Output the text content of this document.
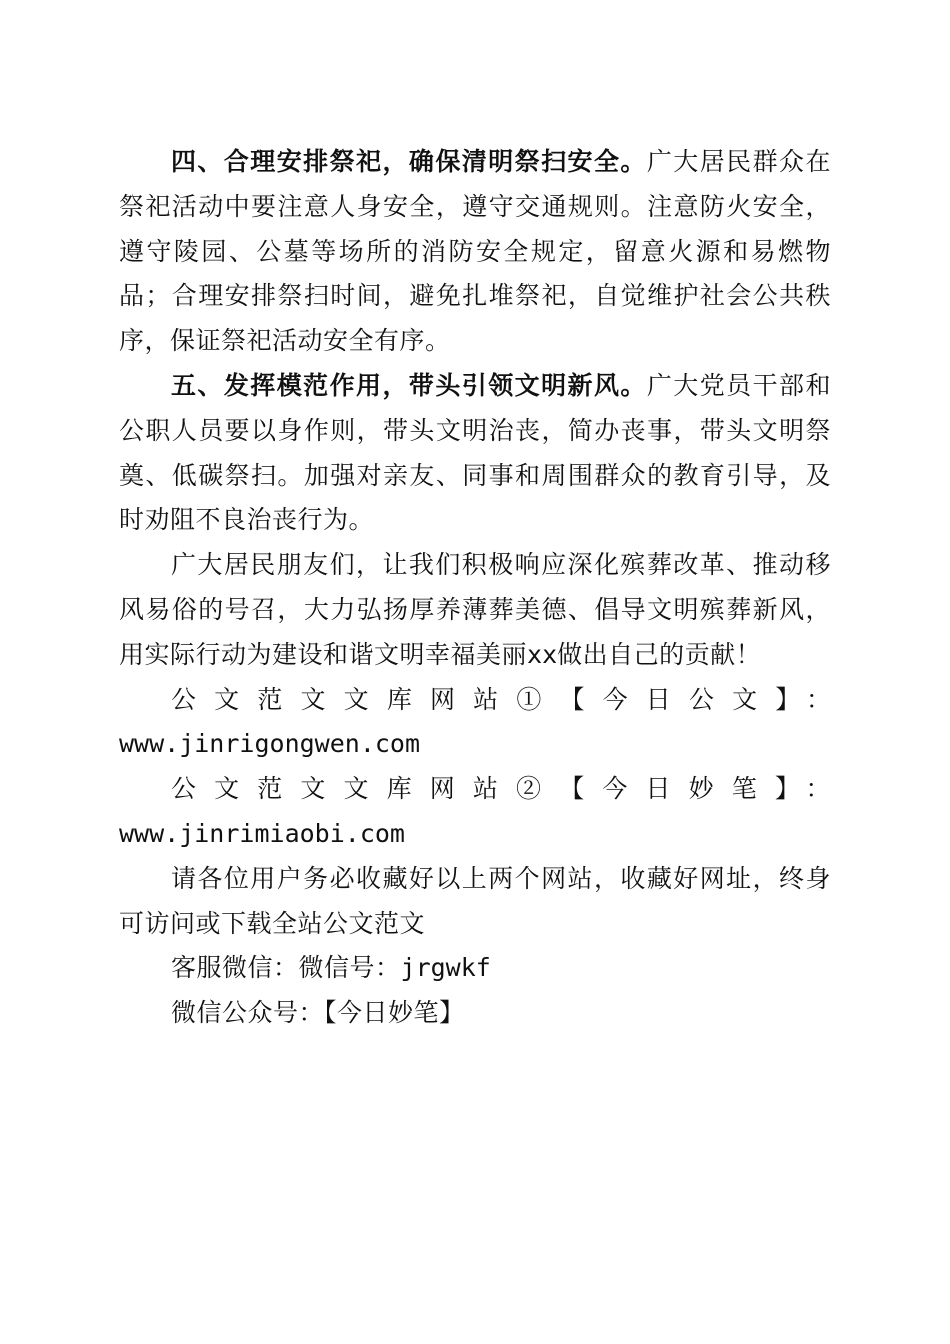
四、合理安排祭祀，确保清明祭扫安全。广大居民群众在祭祀活动中要注意人身安全，遵守交通规则。注意防火安全，遵守陵园、公墓等场所的消防安全规定，留意火源和易燃物品；合理安排祭扫时间，避免扎堆祭祀，自觉维护社会公共秩序，保证祭祀活动安全有序。

五、发挥模范作用，带头引领文明新风。广大党员干部和公职人员要以身作则，带头文明治丧，简办丧事，带头文明祭奠、低碳祭扫。加强对亲友、同事和周围群众的教育引导，及时劝阻不良治丧行为。

广大居民朋友们，让我们积极响应深化殡葬改革、推动移风易俗的号召，大力弘扬厚养薄葬美德、倡导文明殡葬新风，用实际行动为建设和谐文明幸福美丽xx做出自己的贡献！

公文范文文库网站①【今日公文】：

www.jinrigongwen.com

公文范文文库网站②【今日妙笔】：www.jinrimiaobi.com

请各位用户务必收藏好以上两个网站，收藏好网址，终身可访问或下载全站公文范文

客服微信：微信号：jrgwkf

微信公众号：【今日妙笔】
